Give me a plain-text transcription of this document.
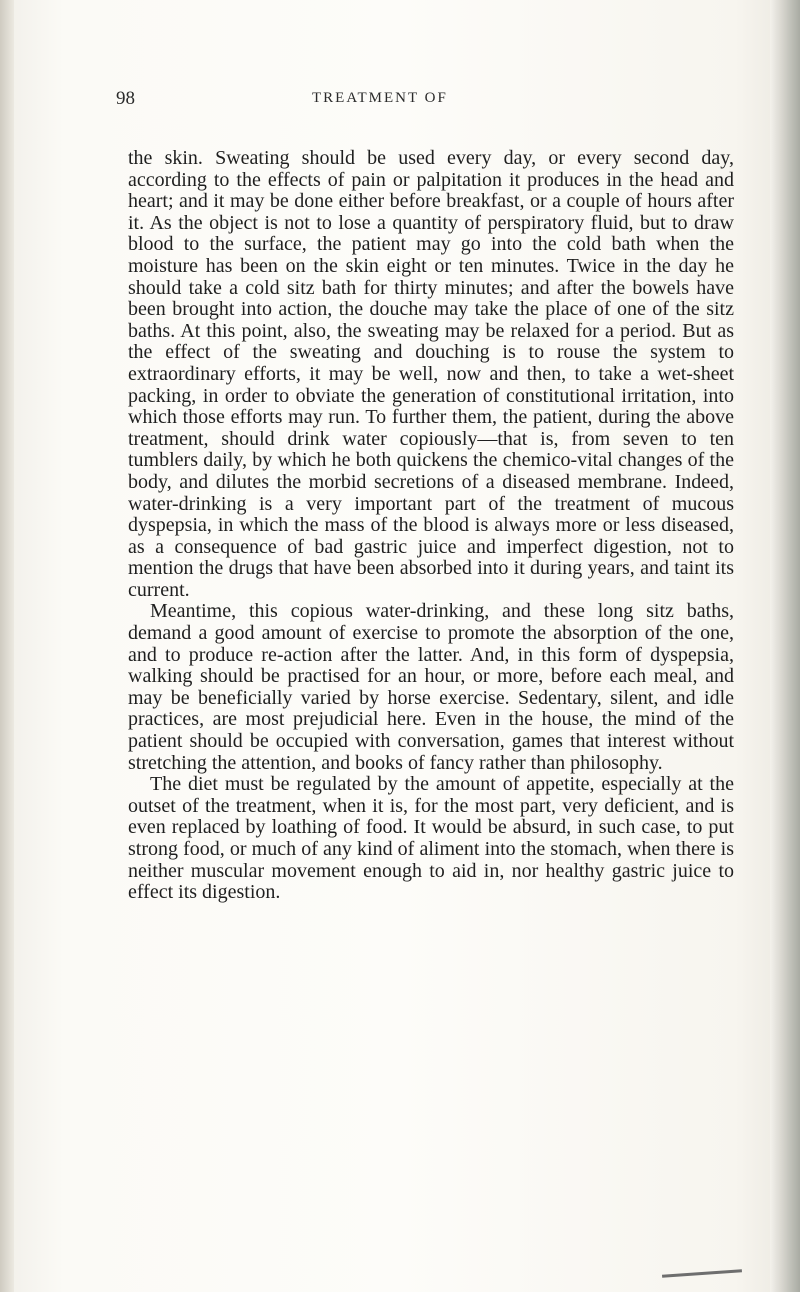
98	TREATMENT OF

the skin. Sweating should be used every day, or every second day, according to the effects of pain or palpitation it produces in the head and heart; and it may be done either before breakfast, or a couple of hours after it. As the object is not to lose a quantity of perspiratory fluid, but to draw blood to the surface, the patient may go into the cold bath when the moisture has been on the skin eight or ten minutes. Twice in the day he should take a cold sitz bath for thirty minutes; and after the bowels have been brought into action, the douche may take the place of one of the sitz baths. At this point, also, the sweating may be relaxed for a period. But as the effect of the sweating and douching is to rouse the system to extraordinary efforts, it may be well, now and then, to take a wet-sheet packing, in order to obviate the generation of constitutional irritation, into which those efforts may run. To further them, the patient, during the above treatment, should drink water copiously—that is, from seven to ten tumblers daily, by which he both quickens the chemico-vital changes of the body, and dilutes the morbid secretions of a diseased membrane. Indeed, water-drinking is a very important part of the treatment of mucous dyspepsia, in which the mass of the blood is always more or less diseased, as a consequence of bad gastric juice and imperfect digestion, not to mention the drugs that have been absorbed into it during years, and taint its current.

Meantime, this copious water-drinking, and these long sitz baths, demand a good amount of exercise to promote the absorption of the one, and to produce re-action after the latter. And, in this form of dyspepsia, walking should be practised for an hour, or more, before each meal, and may be beneficially varied by horse exercise. Sedentary, silent, and idle practices, are most prejudicial here. Even in the house, the mind of the patient should be occupied with conversation, games that interest without stretching the attention, and books of fancy rather than philosophy.

The diet must be regulated by the amount of appetite, especially at the outset of the treatment, when it is, for the most part, very deficient, and is even replaced by loathing of food. It would be absurd, in such case, to put strong food, or much of any kind of aliment into the stomach, when there is neither muscular movement enough to aid in, nor healthy gastric juice to effect its digestion.
